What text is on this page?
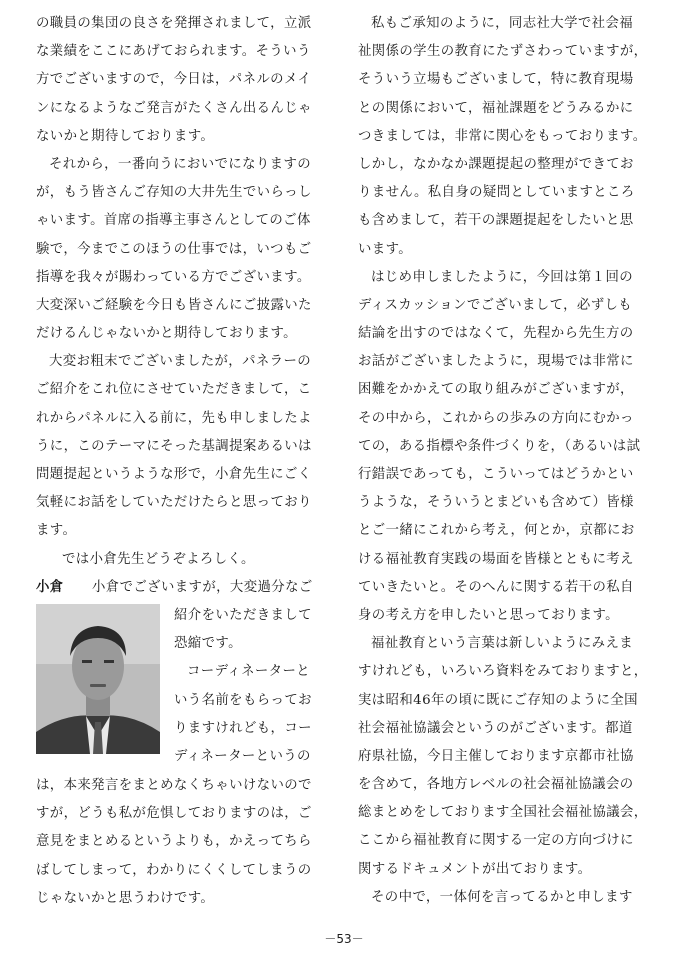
の職員の集団の良さを発揮されまして，立派
な業績をここにあげておられます。そういう
方でございますので，今日は，パネルのメイ
ンになるようなご発言がたくさん出るんじゃ
ないかと期待しております。
それから，一番向うにおいでになりますの
が，もう皆さんご存知の大井先生でいらっし
ゃいます。首席の指導主事さんとしてのご体
験で，今までこのほうの仕事では，いつもご
指導を我々が賜わっている方でございます。
大変深いご経験を今日も皆さんにご披露いた
だけるんじゃないかと期待しております。
大変お粗末でございましたが，パネラーの
ご紹介をこれ位にさせていただきまして，こ
れからパネルに入る前に，先も申しましたよ
うに，このテーマにそった基調提案あるいは
問題提起というような形で，小倉先生にごく
気軽にお話をしていただけたらと思っており
ます。
では小倉先生どうぞよろしく。
小倉	小倉でございますが，大変過分なご
紹介をいただきまして
恐縮です。
コーディネーターと
いう名前をもらってお
りますけれども，コー
ディネーターというの
は，本来発言をまとめなくちゃいけないので
すが，どうも私が危惧しておりますのは，ご
意見をまとめるというよりも，かえってちら
ばしてしまって，わかりにくくしてしまうの
じゃないかと思うわけです。
私もご承知のように，同志社大学で社会福
祉関係の学生の教育にたずさわっていますが，
そういう立場もございまして，特に教育現場
との関係において，福祉課題をどうみるかに
つきましては，非常に関心をもっております。
しかし，なかなか課題提起の整理ができてお
りません。私自身の疑問としていますところ
も含めまして，若干の課題提起をしたいと思
います。
はじめ申しましたように，今回は第１回の
ディスカッションでございまして，必ずしも
結論を出すのではなくて，先程から先生方の
お話がございましたように，現場では非常に
困難をかかえての取り組みがございますが，
その中から，これからの歩みの方向にむかっ
ての，ある指標や条件づくりを，（あるいは試
行錯誤であっても，こういってはどうかとい
うような，そういうとまどいも含めて）皆様
とご一緒にこれから考え，何とか，京都にお
ける福祉教育実践の場面を皆様とともに考え
ていきたいと。そのへんに関する若干の私自
身の考え方を申したいと思っております。
福祉教育という言葉は新しいようにみえま
すけれども，いろいろ資料をみておりますと，
実は昭和46年の頃に既にご存知のように全国
社会福祉協議会というのがございます。都道
府県社協，今日主催しております京都市社協
を含めて，各地方レベルの社会福祉協議会の
総まとめをしております全国社会福祉協議会，
ここから福祉教育に関する一定の方向づけに
関するドキュメントが出ております。
その中で，一体何を言ってるかと申します
－53－
